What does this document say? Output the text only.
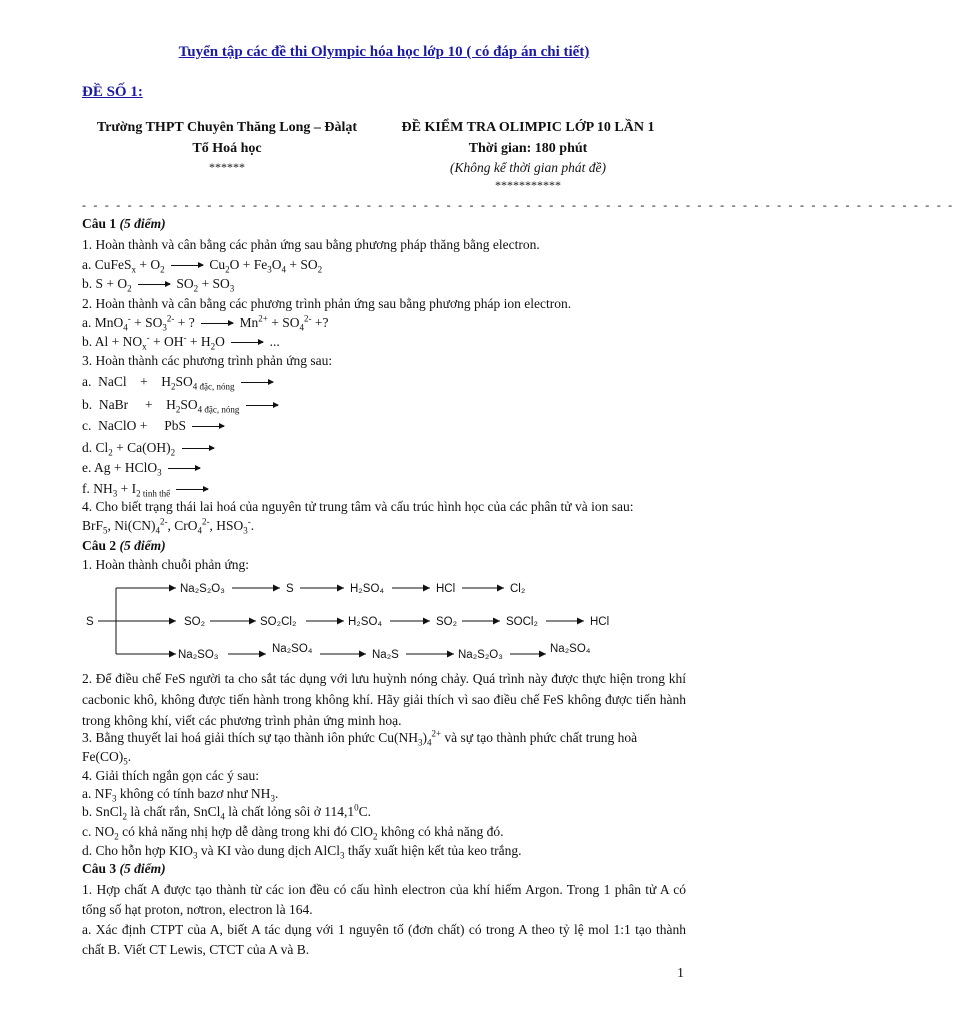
Tuyển tập các đề thi Olympic hóa học lớp 10 ( có đáp án chi tiết)
ĐỀ SỐ 1:
Trường THPT Chuyên Thăng Long – Đàlạt
Tổ Hoá học
******
ĐỀ KIỂM TRA OLIMPIC LỚP 10 LẦN 1
Thời gian: 180 phút
(Không kể thời gian phát đề)
***********
- - - - - - - - - - - - - - - - - - - - - - - - - - - - - - - - - - - - - - - - - - - - - - - - - - - - - - - - - - - - - - - - - - - - - - - - - - - - -
Câu 1 (5 điểm)
1. Hoàn thành và cân bằng các phản ứng sau bằng phương pháp thăng bằng electron.
a. CuFeS$_x$ + $O_2$	$Cu_2O + Fe_3O_4 + SO_2$
b. $S + O_2$	$SO_2 + SO_3$
2. Hoàn thành và cân bằng các phương trình phản ứng sau bằng phương pháp ion electron.
a. $MnO_4^- + SO_3^{2-}$ + ?	$Mn^{2+} + SO_4^{2-}$ +?
b. $Al + NO_x^- + OH^- + H_2O$	...
3. Hoàn thành các phương trình phản ứng sau:
a.  NaCl    +    $H_2SO_{4 đặc, nóng}$
b.  NaBr     +    $H_2SO_{4 đặc, nóng}$
c.  NaClO +     PbS
d. $Cl_2 + Ca(OH)_2$
e. Ag + HClO$_3$
f. $NH_3 + I_{2 tinh thể}$
4. Cho biết trạng thái lai hoá của nguyên tử trung tâm và cấu trúc hình học của các phân tử và ion sau:
BrF$_5$, $Ni(CN)_4^{2-}$, CrO$_4^{2-}$, $HSO_3^-$.
Câu 2 (5 điểm)
1. Hoàn thành chuỗi phản ứng:
S
Na₂S₂O₃	S	H₂SO₄	HCl	Cl₂
SO₂	SO₂Cl₂	H₂SO₄	SO₂	SOCl₂	HCl
Na₂SO₃	Na₂SO₄	Na₂S	Na₂S₂O₃	Na₂SO₄
2. Để điều chế FeS người ta cho sắt tác dụng với lưu huỳnh nóng chảy. Quá trình này được thực hiện trong khí cacbonic khô, không được tiến hành trong không khí. Hãy giải thích vì sao điều chế FeS không được tiến hành trong không khí, viết các phương trình phản ứng minh hoạ.
3. Bằng thuyết lai hoá giải thích sự tạo thành iôn phức $Cu(NH_3)_4^{2+}$ và sự tạo thành phức chất trung hoà
$Fe(CO)_5$.
4. Giải thích ngắn gọn các ý sau:
a. $NF_3$ không có tính bazơ như $NH_3$.
b. SnCl$_2$ là chất rắn, SnCl$_4$ là chất lỏng sôi ở 114,1$^0$C.
c. $NO_2$ có khả năng nhị hợp dễ dàng trong khi đó ClO$_2$ không có khả năng đó.
d. Cho hỗn hợp $KIO_3$ và KI vào dung dịch AlCl$_3$ thấy xuất hiện kết tủa keo trắng.
Câu 3 (5 điểm)
1. Hợp chất A được tạo thành từ các ion đều có cấu hình electron của khí hiếm Argon. Trong 1 phân tử A có tổng số hạt proton, nơtron, electron là 164.
a. Xác định CTPT của A, biết A tác dụng với 1 nguyên tố (đơn chất) có trong A theo tỷ lệ mol 1:1 tạo thành chất B. Viết CT Lewis, CTCT của A và B.
1
